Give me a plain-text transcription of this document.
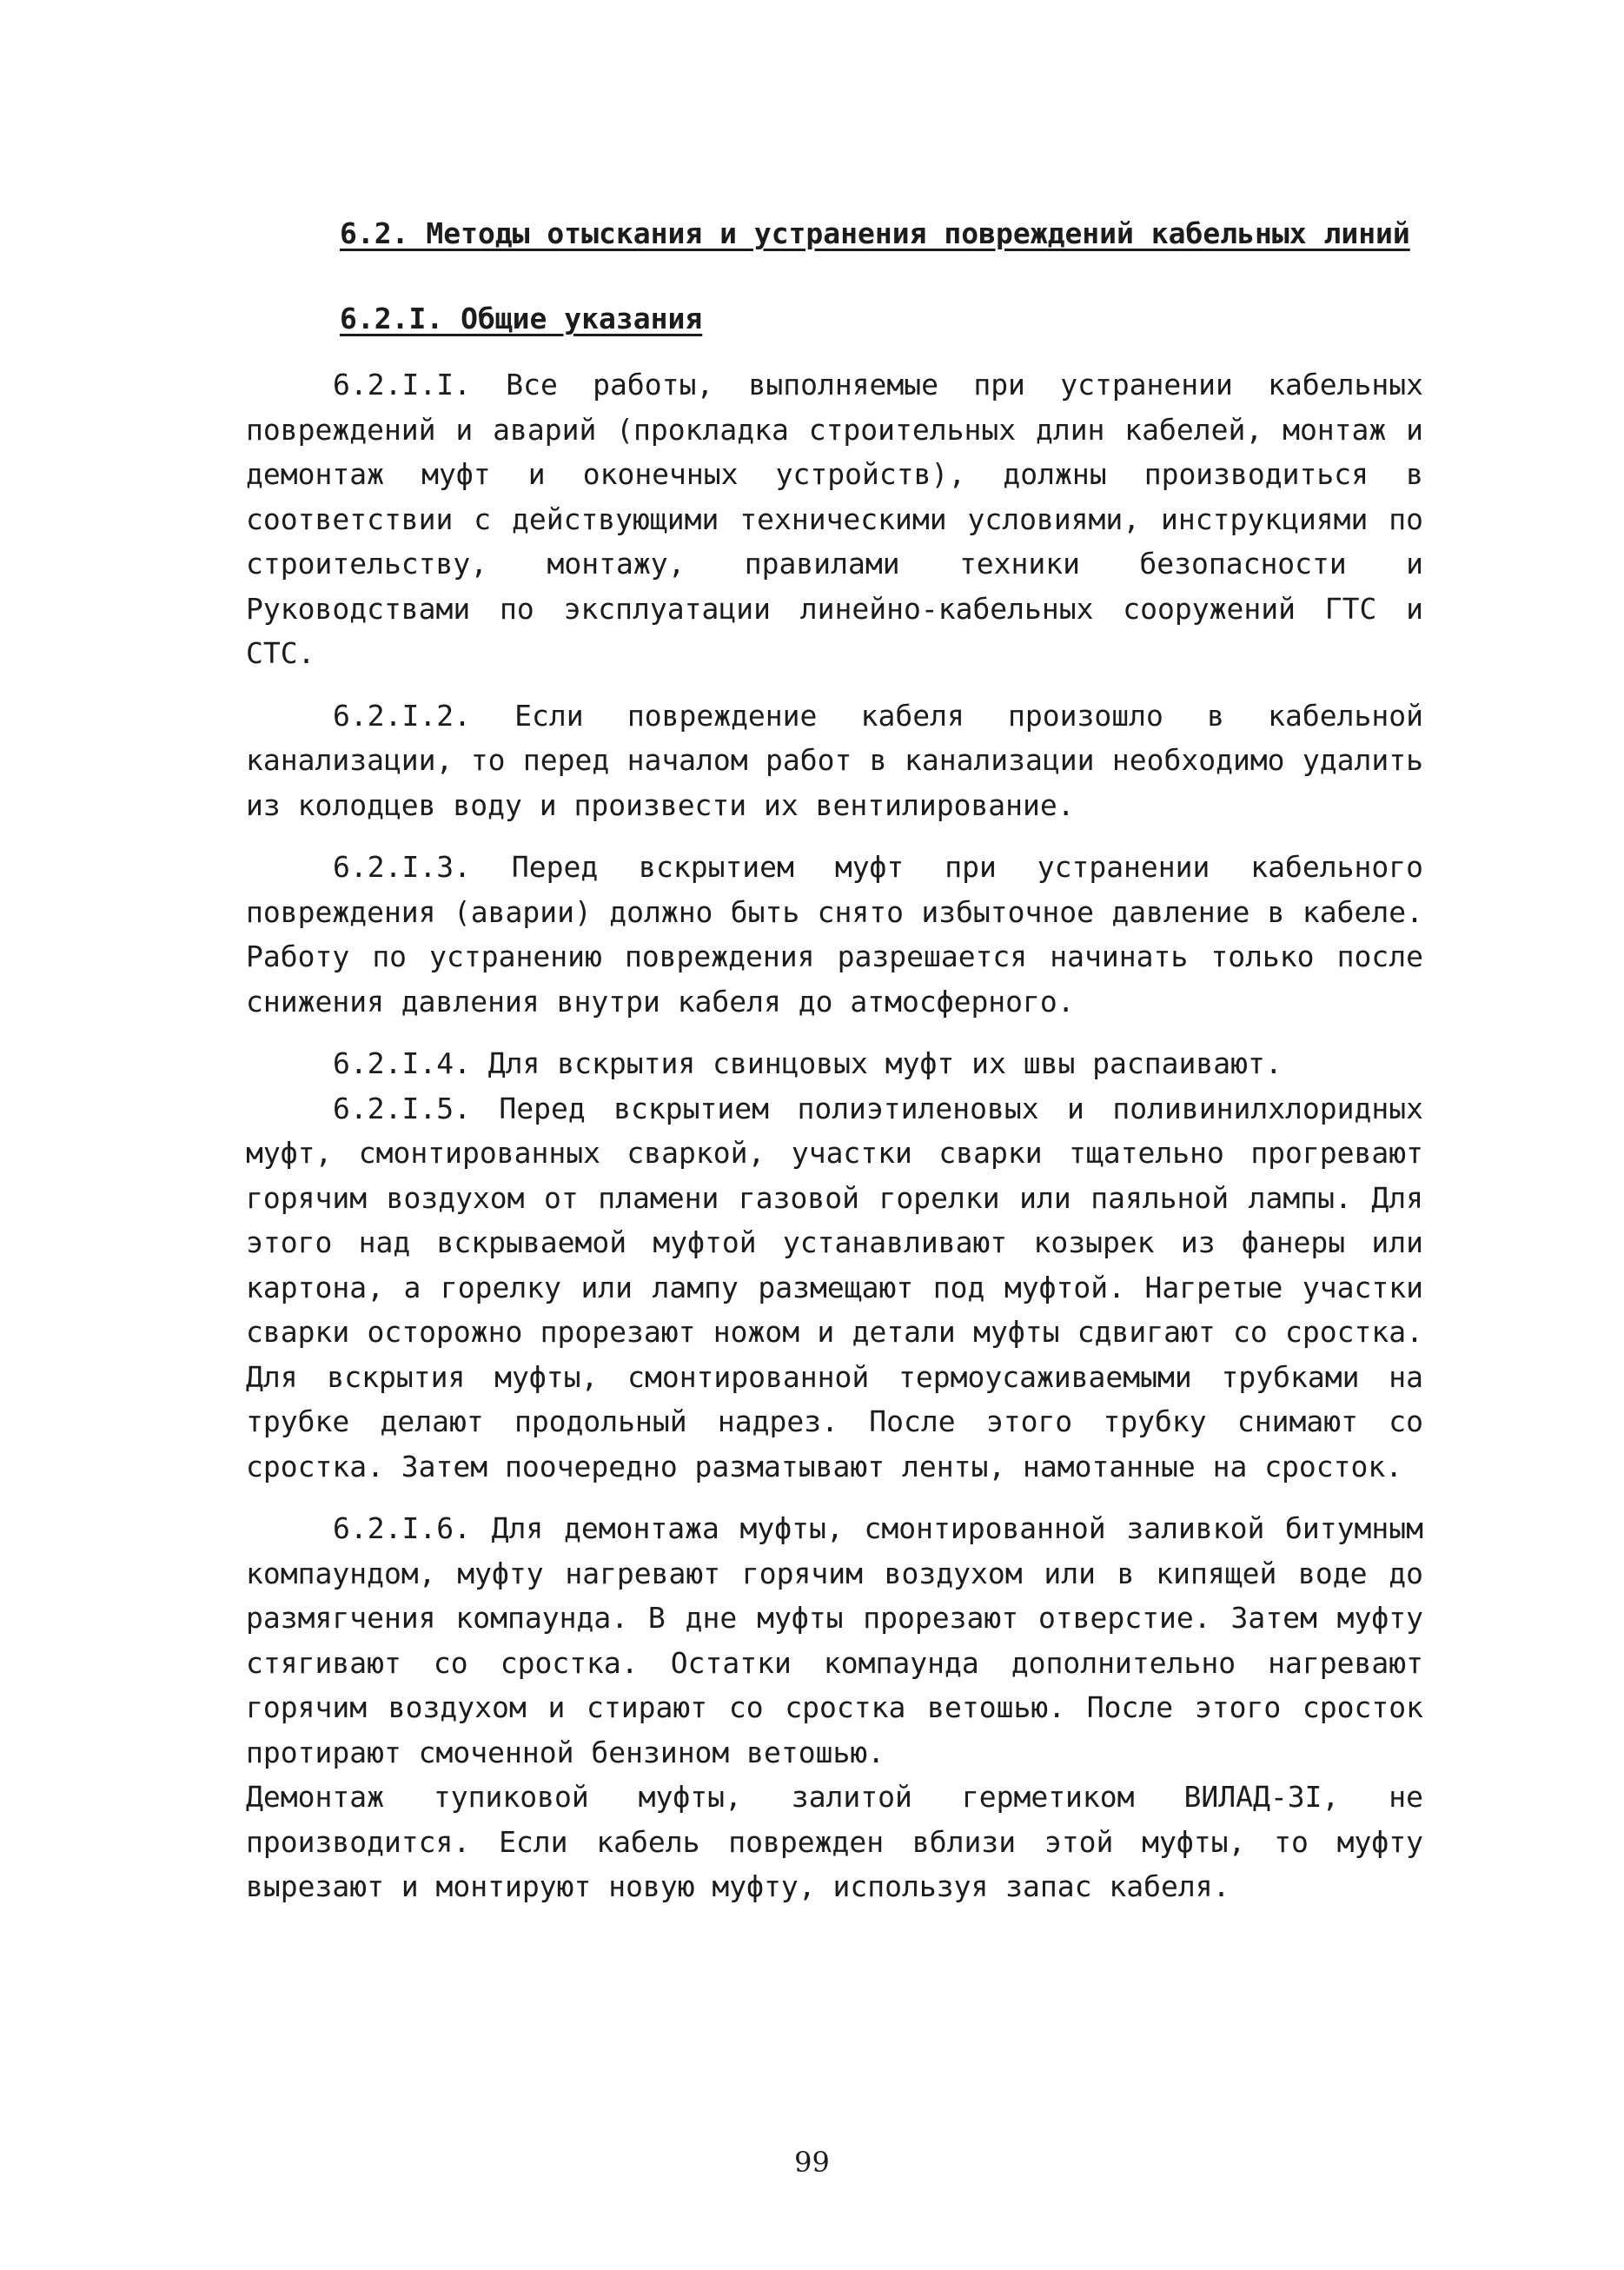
6.2. Методы отыскания и устранения повреждений кабельных линий
6.2.I. Общие указания

6.2.I.I. Все работы, выполняемые при устранении кабельных повреждений и аварий (прокладка строительных длин кабелей, монтаж и демонтаж муфт и оконечных устройств), должны производиться в соответствии с действующими техническими условиями, инструкциями по строительству, монтажу, правилами техники безопасности и Руководствами по эксплуатации линейно-кабельных сооружений ГТС и СТС.

6.2.I.2. Если повреждение кабеля произошло в кабельной канализации, то перед началом работ в канализации необходимо удалить из колодцев воду и произвести их вентилирование.

6.2.I.3. Перед вскрытием муфт при устранении кабельного повреждения (аварии) должно быть снято избыточное давление в кабеле. Работу по устранению повреждения разрешается начинать только после снижения давления внутри кабеля до атмосферного.

6.2.I.4. Для вскрытия свинцовых муфт их швы распаивают.

6.2.I.5. Перед вскрытием полиэтиленовых и поливинилхлоридных муфт, смонтированных сваркой, участки сварки тщательно прогревают горячим воздухом от пламени газовой горелки или паяльной лампы. Для этого над вскрываемой муфтой устанавливают козырек из фанеры или картона, а горелку или лампу размещают под муфтой. Нагретые участки сварки осторожно прорезают ножом и детали муфты сдвигают со сростка. Для вскрытия муфты, смонтированной термоусаживаемыми трубками на трубке делают продольный надрез. После этого трубку снимают со сростка. Затем поочередно разматывают ленты, намотанные на сросток.

6.2.I.6. Для демонтажа муфты, смонтированной заливкой битумным компаундом, муфту нагревают горячим воздухом или в кипящей воде до размягчения компаунда. В дне муфты прорезают отверстие. Затем муфту стягивают со сростка. Остатки компаунда дополнительно нагревают горячим воздухом и стирают со сростка ветошью. После этого сросток протирают смоченной бензином ветошью.

Демонтаж тупиковой муфты, залитой герметиком ВИЛАД-3I, не производится. Если кабель поврежден вблизи этой муфты, то муфту вырезают и монтируют новую муфту, используя запас кабеля.

99
